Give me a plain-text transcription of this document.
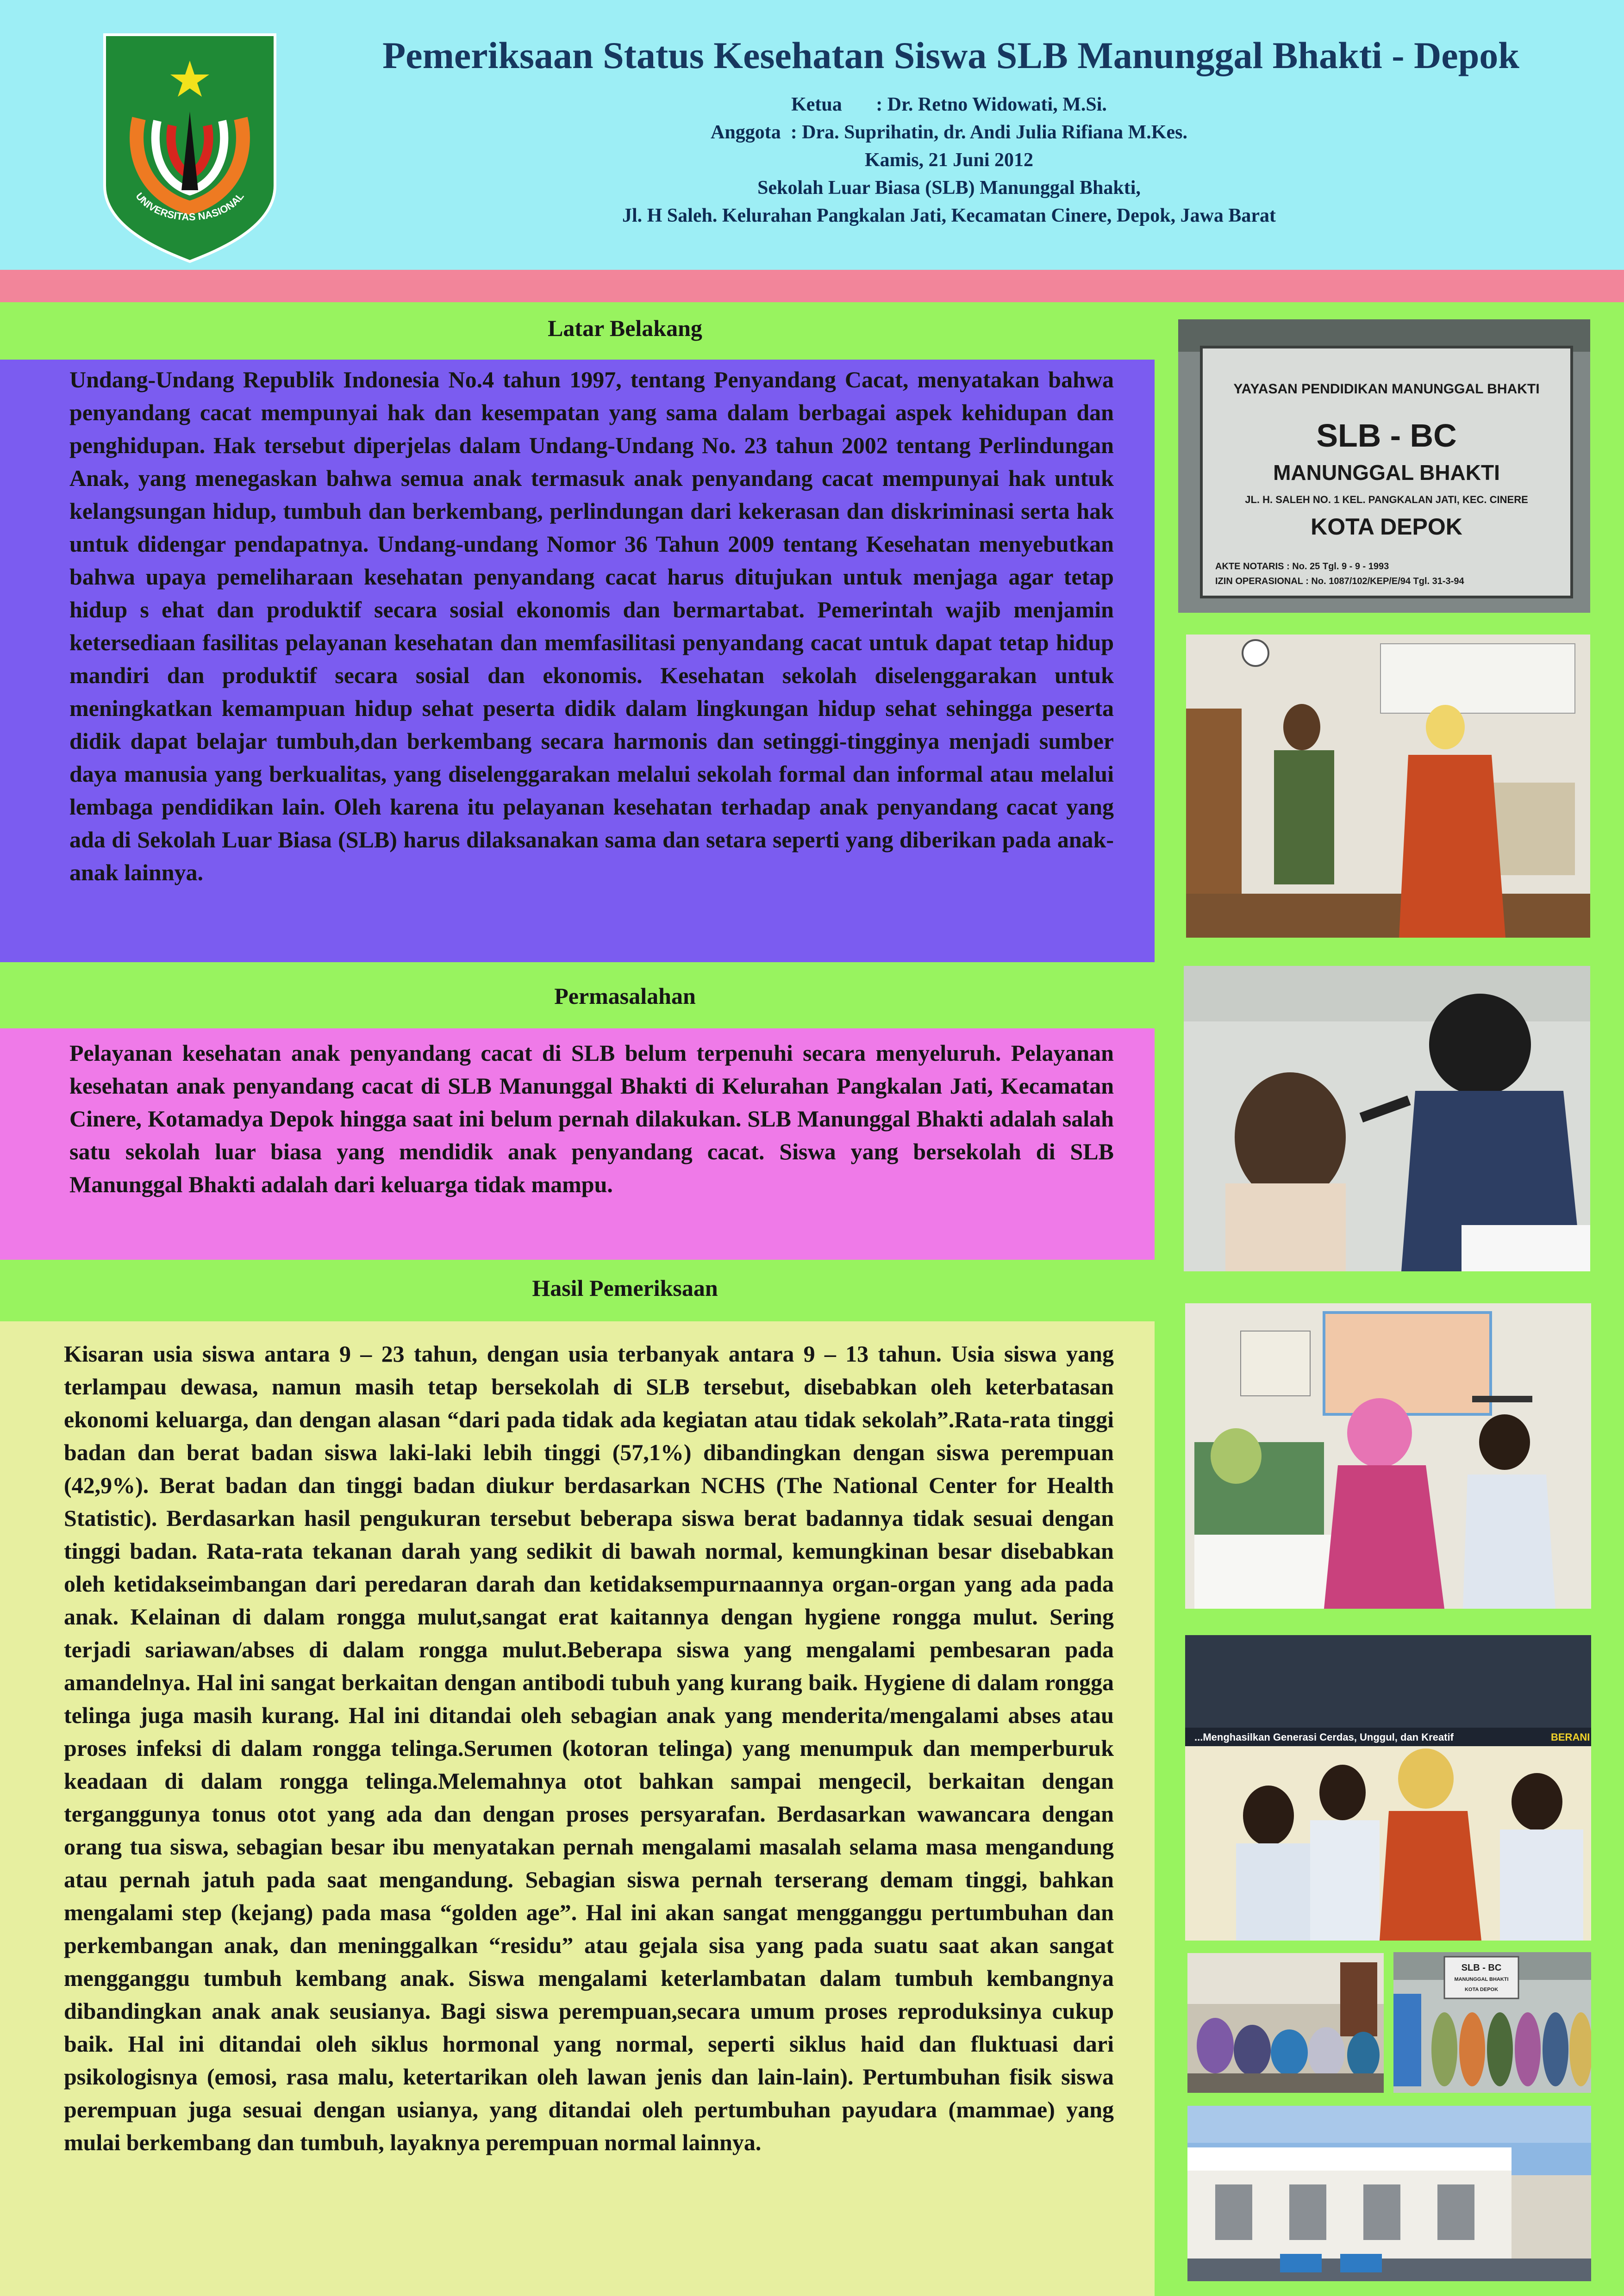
UNIVERSITAS NASIONAL
Pemeriksaan Status Kesehatan Siswa SLB Manunggal Bhakti - Depok
Ketua       : Dr. Retno Widowati, M.Si.
Anggota  : Dra. Suprihatin, dr. Andi Julia Rifiana M.Kes.
Kamis, 21 Juni 2012
Sekolah Luar Biasa (SLB) Manunggal Bhakti,
Jl. H Saleh. Kelurahan Pangkalan Jati, Kecamatan Cinere, Depok, Jawa Barat
Latar Belakang

Undang-Undang Republik Indonesia No.4 tahun 1997, tentang Penyandang Cacat, menyatakan bahwa penyandang cacat mempunyai hak dan kesempatan yang sama dalam berbagai aspek kehidupan dan penghidupan. Hak tersebut diperjelas dalam Undang-Undang No. 23 tahun 2002 tentang Perlindungan Anak, yang menegaskan bahwa semua anak termasuk anak penyandang cacat mempunyai hak untuk kelangsungan hidup, tumbuh dan berkembang, perlindungan dari kekerasan dan diskriminasi serta hak untuk didengar pendapatnya. Undang-undang Nomor 36 Tahun 2009 tentang Kesehatan menyebutkan bahwa upaya pemeliharaan kesehatan penyandang cacat harus ditujukan untuk menjaga agar tetap hidup s ehat dan produktif secara sosial ekonomis dan bermartabat. Pemerintah wajib menjamin ketersediaan fasilitas pelayanan kesehatan dan memfasilitasi penyandang cacat untuk dapat tetap hidup mandiri dan produktif secara sosial dan ekonomis. Kesehatan sekolah diselenggarakan untuk meningkatkan kemampuan hidup sehat peserta didik dalam lingkungan hidup sehat sehingga peserta didik dapat belajar tumbuh,dan berkembang secara harmonis dan setinggi-tingginya menjadi sumber daya manusia yang berkualitas, yang diselenggarakan melalui sekolah formal dan informal atau melalui lembaga pendidikan lain. Oleh karena itu pelayanan kesehatan terhadap anak penyandang cacat yang ada di Sekolah Luar Biasa (SLB) harus dilaksanakan sama dan setara seperti yang diberikan pada anak-anak lainnya.

Permasalahan

Pelayanan kesehatan anak penyandang cacat di SLB belum terpenuhi secara menyeluruh. Pelayanan kesehatan anak penyandang cacat di SLB Manunggal Bhakti di Kelurahan Pangkalan Jati, Kecamatan Cinere, Kotamadya Depok hingga saat ini belum pernah dilakukan. SLB Manunggal Bhakti adalah salah satu sekolah luar biasa yang mendidik anak penyandang cacat. Siswa yang bersekolah di SLB Manunggal Bhakti adalah dari keluarga tidak mampu.

Hasil Pemeriksaan

Kisaran usia siswa antara 9 – 23 tahun, dengan usia terbanyak antara 9 – 13 tahun. Usia siswa yang terlampau dewasa, namun masih tetap bersekolah di SLB tersebut, disebabkan oleh keterbatasan ekonomi keluarga, dan dengan alasan “dari pada tidak ada kegiatan atau tidak sekolah”.Rata-rata tinggi badan dan berat badan siswa laki-laki lebih tinggi (57,1%) dibandingkan dengan siswa perempuan (42,9%). Berat badan dan tinggi badan diukur berdasarkan NCHS (The National Center for Health Statistic). Berdasarkan hasil pengukuran tersebut beberapa siswa berat badannya tidak sesuai dengan tinggi badan. Rata-rata tekanan darah yang sedikit di bawah normal, kemungkinan besar disebabkan oleh ketidakseimbangan dari peredaran darah dan ketidaksempurnaannya organ-organ yang ada pada anak. Kelainan di dalam rongga mulut,sangat erat kaitannya dengan hygiene rongga mulut. Sering terjadi sariawan/abses di dalam rongga mulut.Beberapa siswa yang mengalami pembesaran pada amandelnya. Hal ini sangat berkaitan dengan antibodi tubuh yang kurang baik. Hygiene di dalam rongga telinga juga masih kurang. Hal ini ditandai oleh sebagian anak yang menderita/mengalami abses atau proses infeksi di dalam rongga telinga.Serumen (kotoran telinga) yang menumpuk dan memperburuk keadaan di dalam rongga telinga.Melemahnya otot bahkan sampai mengecil, berkaitan dengan terganggunya tonus otot yang ada dan dengan proses persyarafan. Berdasarkan wawancara dengan orang tua siswa, sebagian besar ibu menyatakan pernah mengalami masalah selama masa mengandung atau pernah jatuh pada saat mengandung. Sebagian siswa pernah terserang demam tinggi, bahkan mengalami step (kejang) pada masa “golden age”. Hal ini akan sangat mengganggu pertumbuhan dan perkembangan anak, dan meninggalkan “residu” atau gejala sisa yang pada suatu saat akan sangat mengganggu tumbuh kembang anak. Siswa mengalami keterlambatan dalam tumbuh kembangnya dibandingkan anak anak seusianya. Bagi siswa perempuan,secara umum proses reproduksinya cukup baik. Hal ini ditandai oleh siklus hormonal yang normal, seperti siklus haid dan fluktuasi dari psikologisnya (emosi, rasa malu, ketertarikan oleh lawan jenis dan lain-lain). Pertumbuhan fisik siswa perempuan juga sesuai dengan usianya, yang ditandai oleh pertumbuhan payudara (mammae) yang mulai berkembang dan tumbuh, layaknya perempuan normal lainnya.

YAYASAN PENDIDIKAN MANUNGGAL BHAKTI
SLB - BC
MANUNGGAL BHAKTI
JL. H. SALEH NO. 1 KEL. PANGKALAN JATI, KEC. CINERE
KOTA DEPOK
AKTE NOTARIS : No. 25 Tgl. 9 - 9 - 1993
IZIN OPERASIONAL : No. 1087/102/KEP/E/94 Tgl. 31-3-94
...Menghasilkan Generasi Cerdas, Unggul, dan Kreatif	BERANI
SLB - BC
MANUNGGAL BHAKTI
KOTA DEPOK
